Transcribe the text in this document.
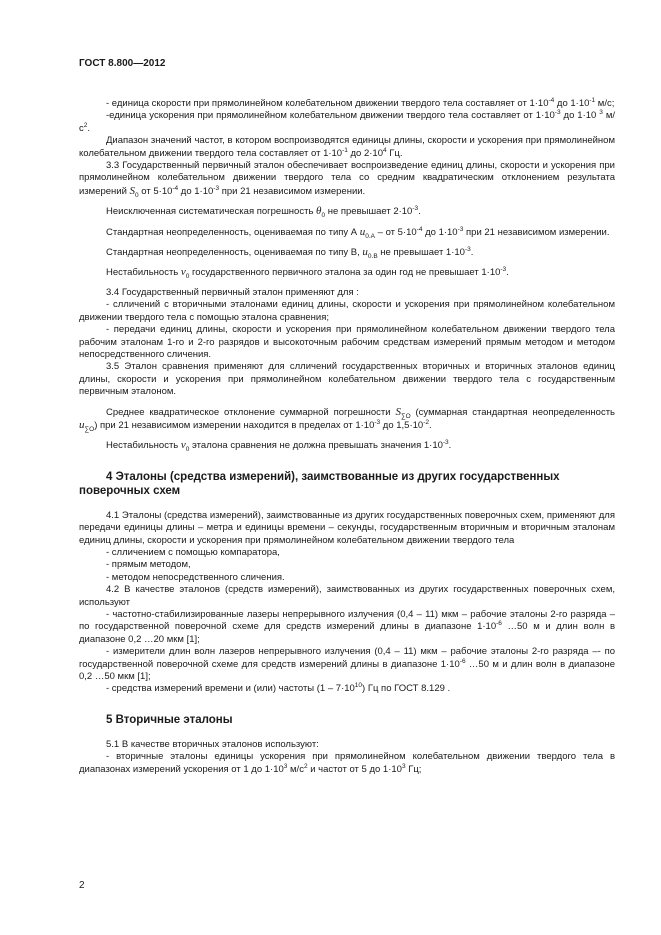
ГОСТ 8.800—2012

- единица скорости при прямолинейном колебательном движении твердого тела составляет от $1\cdot 10^{-4}$ до $1\cdot 10^{-1}$ м/с;

-единица ускорения при прямолинейном колебательном движении твердого тела составляет от $1\cdot 10^{-3}$ до 1·10 $^3$ $м/с^2$.

Диапазон значений частот, в котором воспроизводятся единицы длины, скорости и ускорения при прямолинейном колебательном движении твердого тела составляет от $1\cdot 10^{-1}$ до $2\cdot 10^4$ Гц.

3.3 Государственный первичный эталон обеспечивает воспроизведение единиц длины, скорости и ускорения при прямолинейном колебательном движении твердого тела со средним квадратическим отклонением результата измерений $S_0$ от $5\cdot 10^{-4}$ до $1\cdot 10^{-3}$ при 21 независимом измерении.

Неисключенная систематическая погрешность $\theta_0$ не превышает $2\cdot 10^{-3}$.

Стандартная неопределенность, оцениваемая по типу А $u_{0.A}$ – от $5\cdot 10^{-4}$ до $1\cdot 10^{-3}$ при 21 независимом измерении.

Стандартная неопределенность, оцениваемая по типу В, $u_{0.B}$ не превышает $1\cdot 10^{-3}$.

Нестабильность $\nu_0$ государственного первичного эталона за один год не превышает $1\cdot 10^{-3}$.

3.4 Государственный первичный эталон применяют для :

- слличений с вторичными эталонами единиц длины, скорости и ускорения при прямолинейном колебательном движении твердого тела с помощью эталона сравнения;

- передачи единиц длины, скорости и ускорения при прямолинейном колебательном движении твердого тела рабочим эталонам 1-го и 2-го разрядов и высокоточным рабочим средствам измерений прямым методом и методом непосредственного сличения.

3.5 Эталон сравнения применяют для слличений государственных вторичных и вторичных эталонов единиц длины, скорости и ускорения при прямолинейном колебательном движении твердого тела с государственным первичным эталоном.

Среднее квадратическое отклонение суммарной погрешности $S_{\sum O}$ (суммарная стандартная неопределенность $u_{\sum O}$) при 21 независимом измерении находится в пределах от $1\cdot 10^{-3}$ до $1,5\cdot 10^{-2}$.

Нестабильность $\nu_0$ эталона сравнения не должна превышать значения $1\cdot 10^{-3}$.

4 Эталоны (средства измерений), заимствованные из других государственных поверочных схем

4.1 Эталоны (средства измерений), заимствованные из других государственных поверочных схем, применяют для передачи единицы длины – метра и единицы времени – секунды, государственным вторичным и вторичным эталонам единиц длины, скорости и ускорения при прямолинейном колебательном движении твердого тела

- слличением с помощью компаратора,

- прямым методом,

- методом непосредственного сличения.

4.2 В качестве эталонов (средств измерений), заимствованных из других государственных поверочных схем, используют

- частотно-стабилизированные лазеры непрерывного излучения (0,4 – 11) мкм – рабочие эталоны 2-го разряда – по государственной поверочной схеме для средств измерений длины в диапазоне $1\cdot 10^{-6}$ …50 м и длин волн в диапазоне 0,2 …20 мкм [1];

- измерители длин волн лазеров непрерывного излучения (0,4 – 11) мкм – рабочие эталоны 2-го разряда –- по государственной поверочной схеме для средств измерений длины в диапазоне $1\cdot 10^{-6}$ …50 м и длин волн в диапазоне 0,2 …50 мкм [1];

- средства измерений времени и (или) частоты $(1 - 7\cdot 10^{10})$ Гц по ГОСТ 8.129 .

5 Вторичные эталоны

5.1 В качестве вторичных эталонов используют:

- вторичные эталоны единицы ускорения при прямолинейном колебательном движении твердого тела в диапазонах измерений ускорения от 1 до $1\cdot 10^3$ $м/с^2$ и частот от 5 до $1\cdot 10^3$ Гц;

2
